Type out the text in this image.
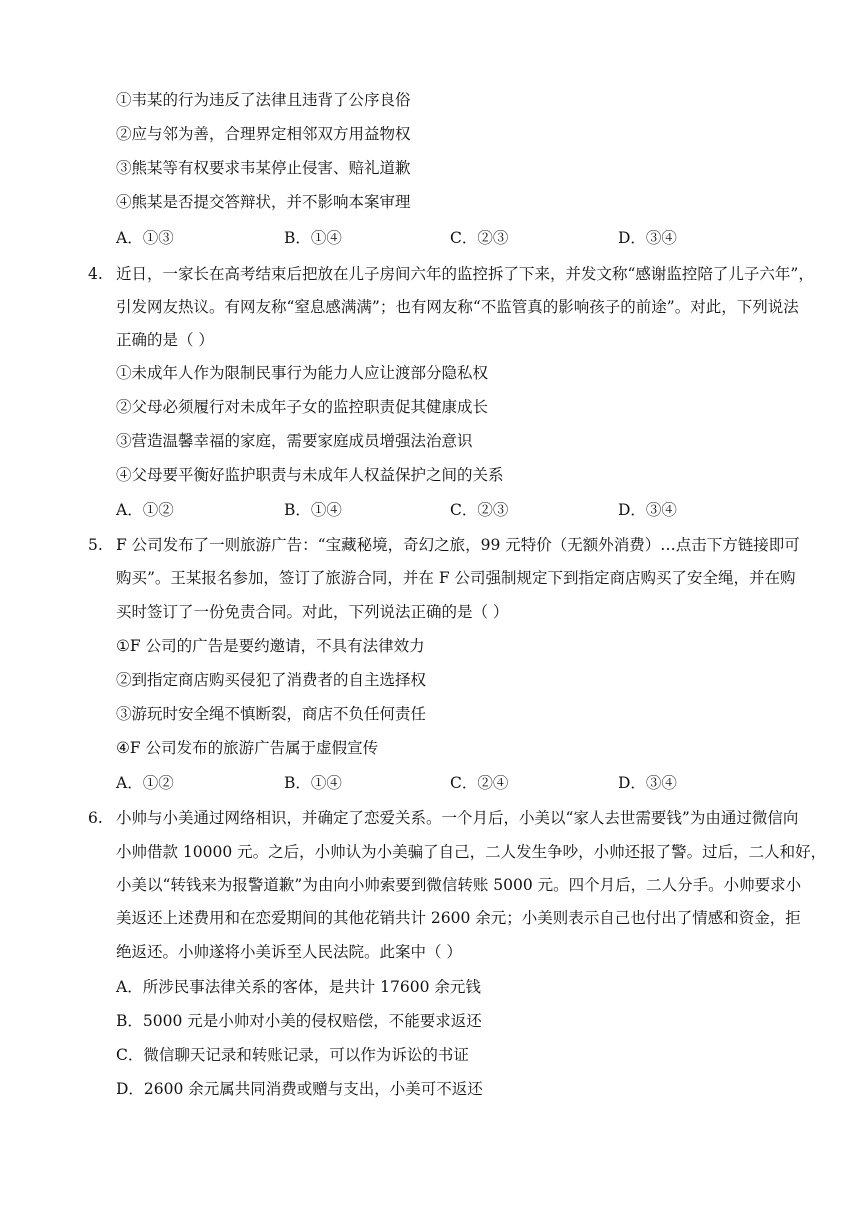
①韦某的行为违反了法律且违背了公序良俗
②应与邻为善，合理界定相邻双方用益物权
③熊某等有权要求韦某停止侵害、赔礼道歉
④熊某是否提交答辩状，并不影响本案审理
A．①③	B．①④	C．②③	D．③④
4. 近日，一家长在高考结束后把放在儿子房间六年的监控拆了下来，并发文称“感谢监控陪了儿子六年”，
引发网友热议。有网友称“窒息感满满”；也有网友称“不监管真的影响孩子的前途”。对此，下列说法
正确的是（ ）
①未成年人作为限制民事行为能力人应让渡部分隐私权
②父母必须履行对未成年子女的监控职责促其健康成长
③营造温馨幸福的家庭，需要家庭成员增强法治意识
④父母要平衡好监护职责与未成年人权益保护之间的关系
A．①②	B．①④	C．②③	D．③④
5. F 公司发布了一则旅游广告：“宝藏秘境，奇幻之旅，99 元特价（无额外消费）…点击下方链接即可
购买”。王某报名参加，签订了旅游合同，并在 F 公司强制规定下到指定商店购买了安全绳，并在购
买时签订了一份免责合同。对此，下列说法正确的是（ ）
①F 公司的广告是要约邀请，不具有法律效力
②到指定商店购买侵犯了消费者的自主选择权
③游玩时安全绳不慎断裂，商店不负任何责任
④F 公司发布的旅游广告属于虚假宣传
A．①②	B．①④	C．②④	D．③④
6. 小帅与小美通过网络相识，并确定了恋爱关系。一个月后，小美以“家人去世需要钱”为由通过微信向
小帅借款 10000 元。之后，小帅认为小美骗了自己，二人发生争吵，小帅还报了警。过后，二人和好，
小美以“转钱来为报警道歉”为由向小帅索要到微信转账 5000 元。四个月后，二人分手。小帅要求小
美返还上述费用和在恋爱期间的其他花销共计 2600 余元；小美则表示自己也付出了情感和资金，拒
绝返还。小帅遂将小美诉至人民法院。此案中（ ）
A．所涉民事法律关系的客体，是共计 17600 余元钱
B．5000 元是小帅对小美的侵权赔偿，不能要求返还
C．微信聊天记录和转账记录，可以作为诉讼的书证
D．2600 余元属共同消费或赠与支出，小美可不返还
